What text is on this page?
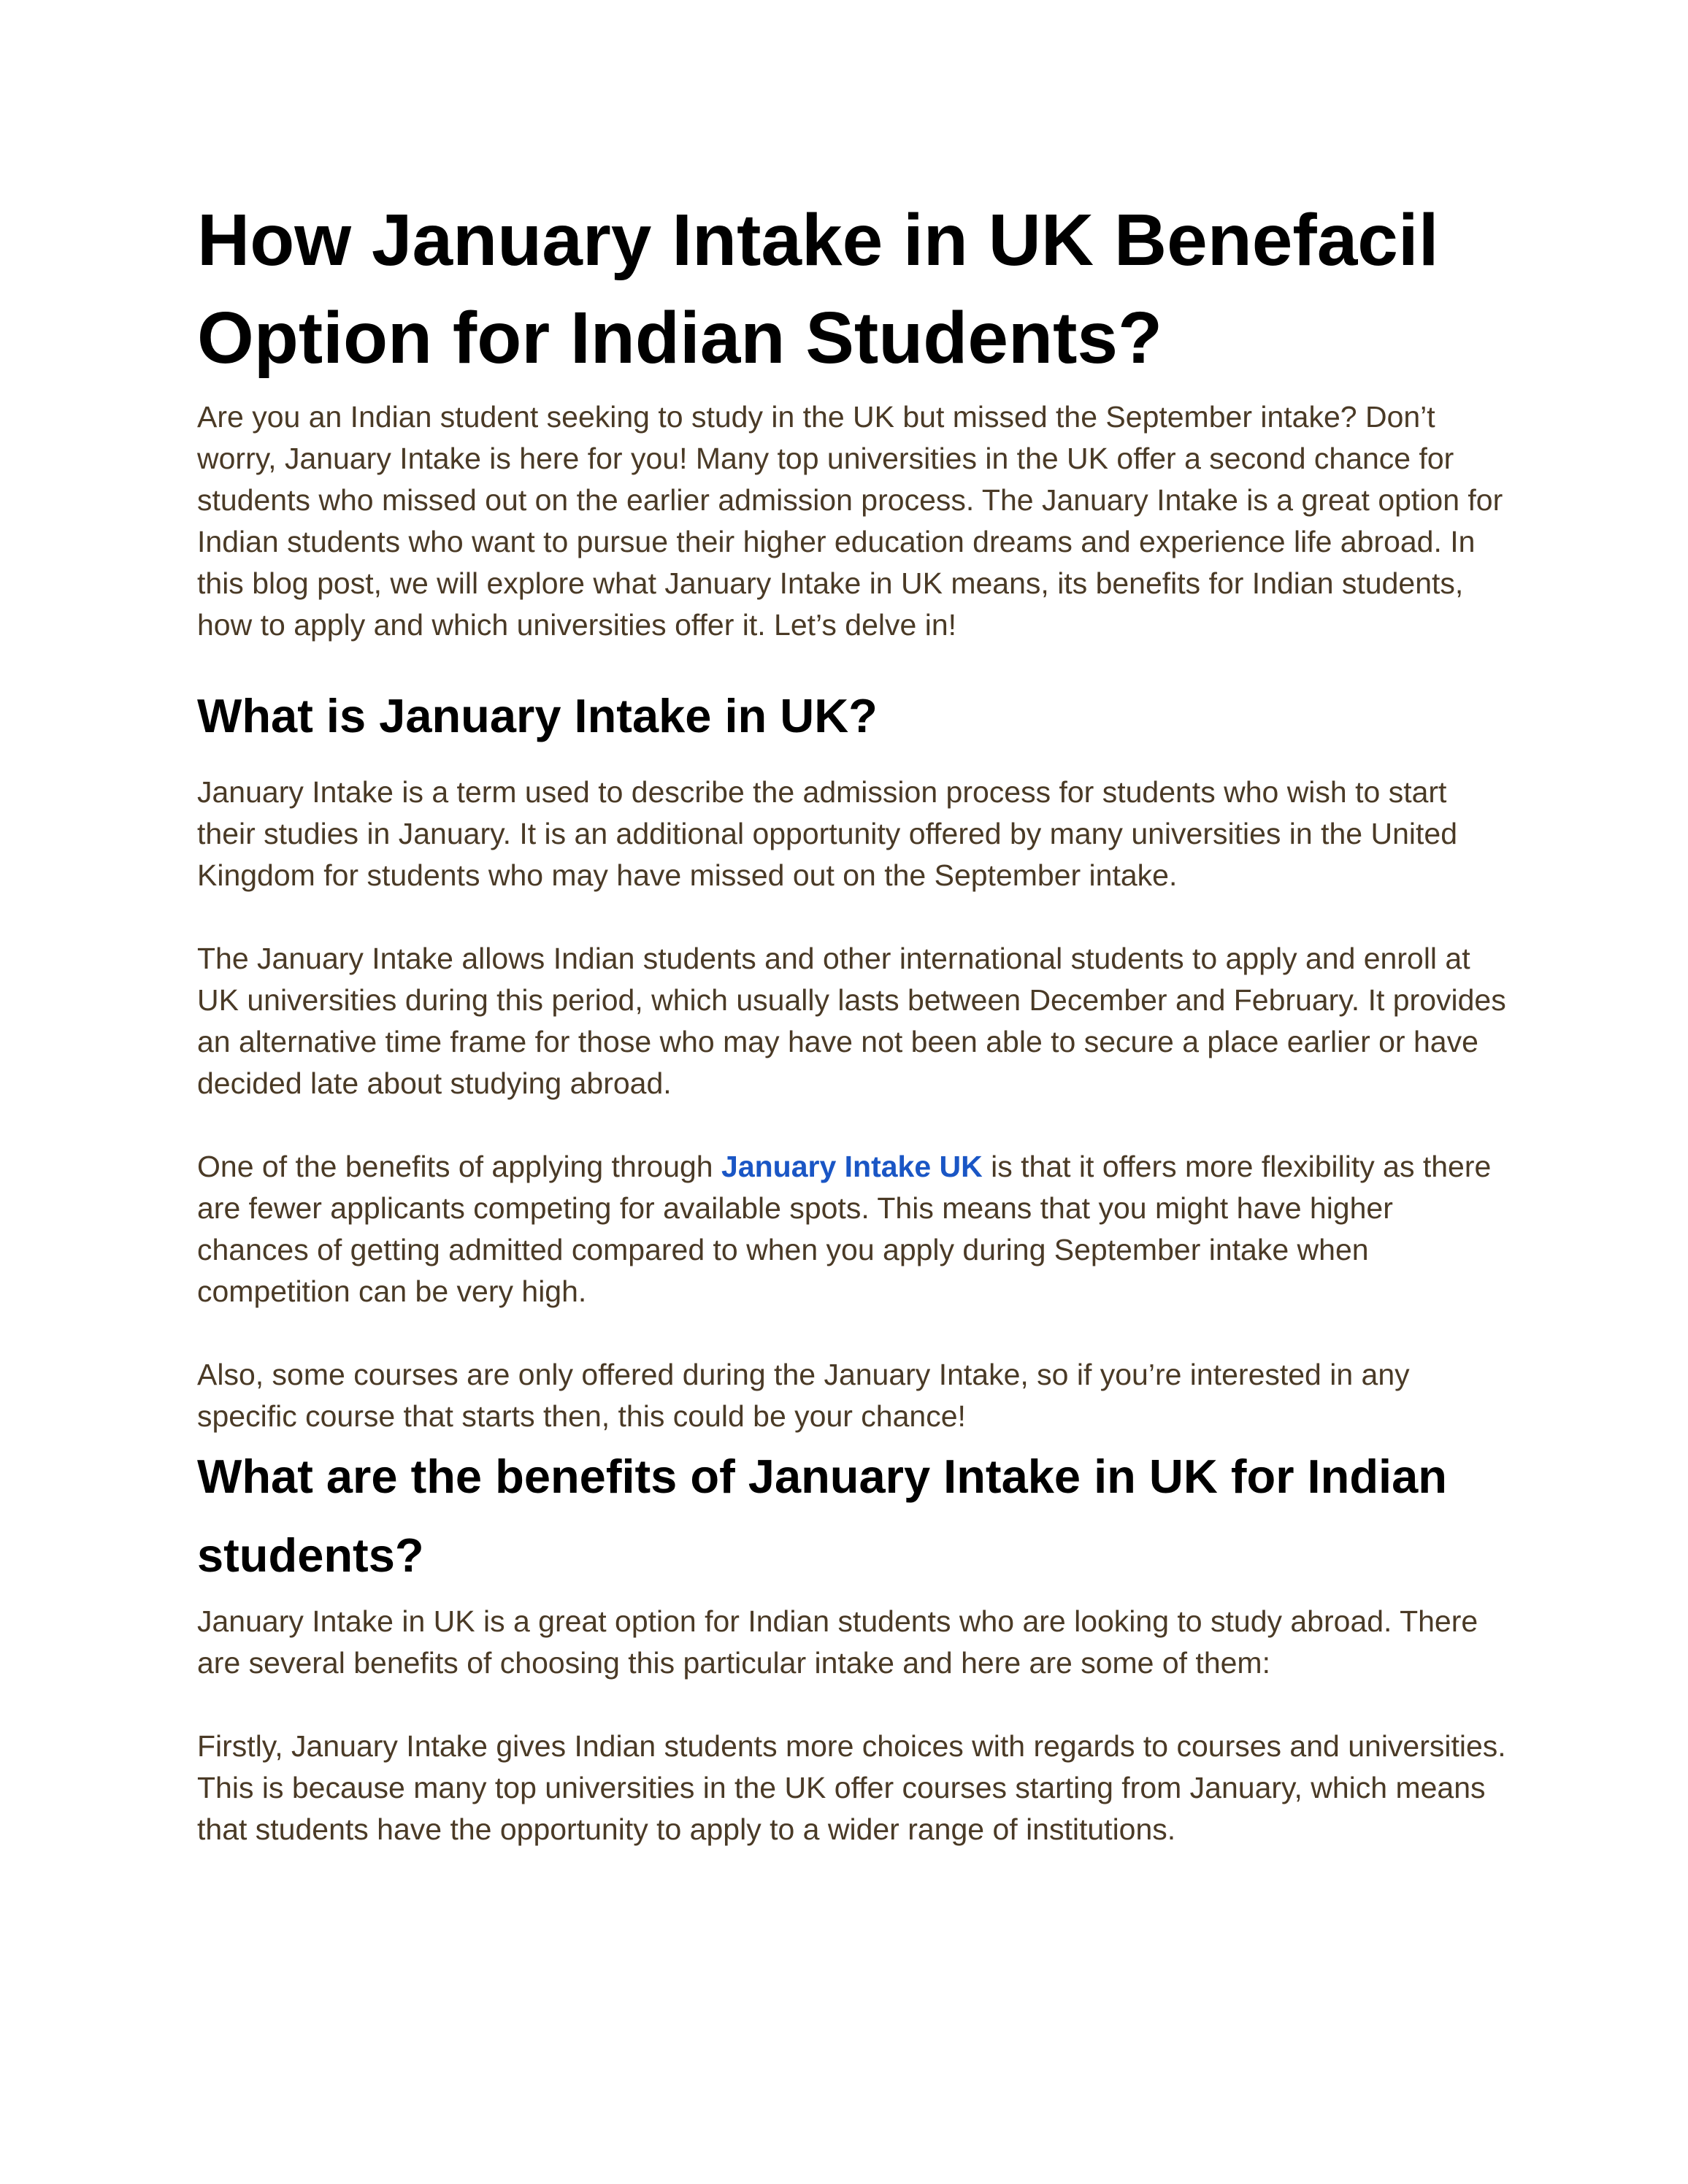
How January Intake in UK Benefacil Option for Indian Students?

Are you an Indian student seeking to study in the UK but missed the September intake? Don’t worry, January Intake is here for you! Many top universities in the UK offer a second chance for students who missed out on the earlier admission process. The January Intake is a great option for Indian students who want to pursue their higher education dreams and experience life abroad. In this blog post, we will explore what January Intake in UK means, its benefits for Indian students, how to apply and which universities offer it. Let’s delve in!

What is January Intake in UK?

January Intake is a term used to describe the admission process for students who wish to start their studies in January. It is an additional opportunity offered by many universities in the United Kingdom for students who may have missed out on the September intake.

The January Intake allows Indian students and other international students to apply and enroll at UK universities during this period, which usually lasts between December and February. It provides an alternative time frame for those who may have not been able to secure a place earlier or have decided late about studying abroad.

One of the benefits of applying through January Intake UK is that it offers more flexibility as there are fewer applicants competing for available spots. This means that you might have higher chances of getting admitted compared to when you apply during September intake when competition can be very high.

Also, some courses are only offered during the January Intake, so if you’re interested in any specific course that starts then, this could be your chance!

What are the benefits of January Intake in UK for Indian students?

January Intake in UK is a great option for Indian students who are looking to study abroad. There are several benefits of choosing this particular intake and here are some of them:

Firstly, January Intake gives Indian students more choices with regards to courses and universities. This is because many top universities in the UK offer courses starting from January, which means that students have the opportunity to apply to a wider range of institutions.
